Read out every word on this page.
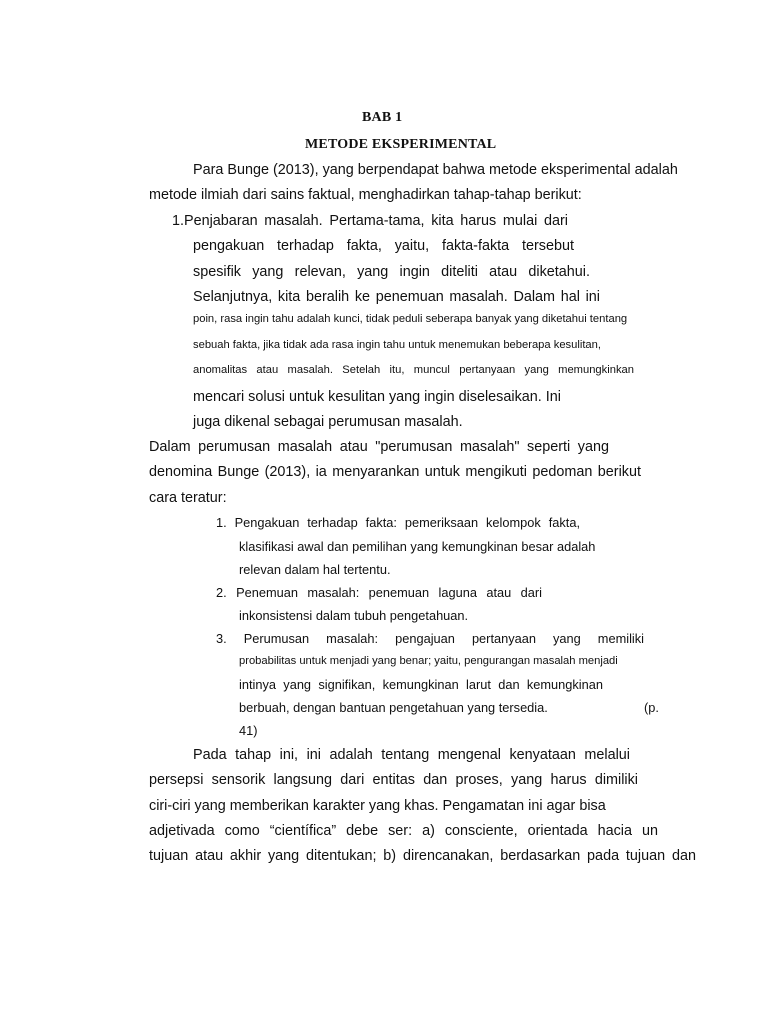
BAB 1
METODE EKSPERIMENTAL
Para Bunge (2013), yang berpendapat bahwa metode eksperimental adalah
metode ilmiah dari sains faktual, menghadirkan tahap-tahap berikut:
1.Penjabaran masalah. Pertama-tama, kita harus mulai dari
pengakuan terhadap fakta, yaitu, fakta-fakta tersebut
spesifik yang relevan, yang ingin diteliti atau diketahui.
Selanjutnya, kita beralih ke penemuan masalah. Dalam hal ini
poin, rasa ingin tahu adalah kunci, tidak peduli seberapa banyak yang diketahui tentang
sebuah fakta, jika tidak ada rasa ingin tahu untuk menemukan beberapa kesulitan,
anomalitas atau masalah. Setelah itu, muncul pertanyaan yang memungkinkan
mencari solusi untuk kesulitan yang ingin diselesaikan. Ini
juga dikenal sebagai perumusan masalah.
Dalam perumusan masalah atau "perumusan masalah" seperti yang
denomina Bunge (2013), ia menyarankan untuk mengikuti pedoman berikut
cara teratur:
1. Pengakuan terhadap fakta: pemeriksaan kelompok fakta,
klasifikasi awal dan pemilihan yang kemungkinan besar adalah
relevan dalam hal tertentu.
2. Penemuan masalah: penemuan laguna atau dari
inkonsistensi dalam tubuh pengetahuan.
3. Perumusan masalah: pengajuan pertanyaan yang memiliki
probabilitas untuk menjadi yang benar; yaitu, pengurangan masalah menjadi
intinya yang signifikan, kemungkinan larut dan kemungkinan
berbuah, dengan bantuan pengetahuan yang tersedia.	(p.
41)
Pada tahap ini, ini adalah tentang mengenal kenyataan melalui
persepsi sensorik langsung dari entitas dan proses, yang harus dimiliki
ciri-ciri yang memberikan karakter yang khas. Pengamatan ini agar bisa
adjetivada como “científica” debe ser: a) consciente, orientada hacia un
tujuan atau akhir yang ditentukan; b) direncanakan, berdasarkan pada tujuan dan
